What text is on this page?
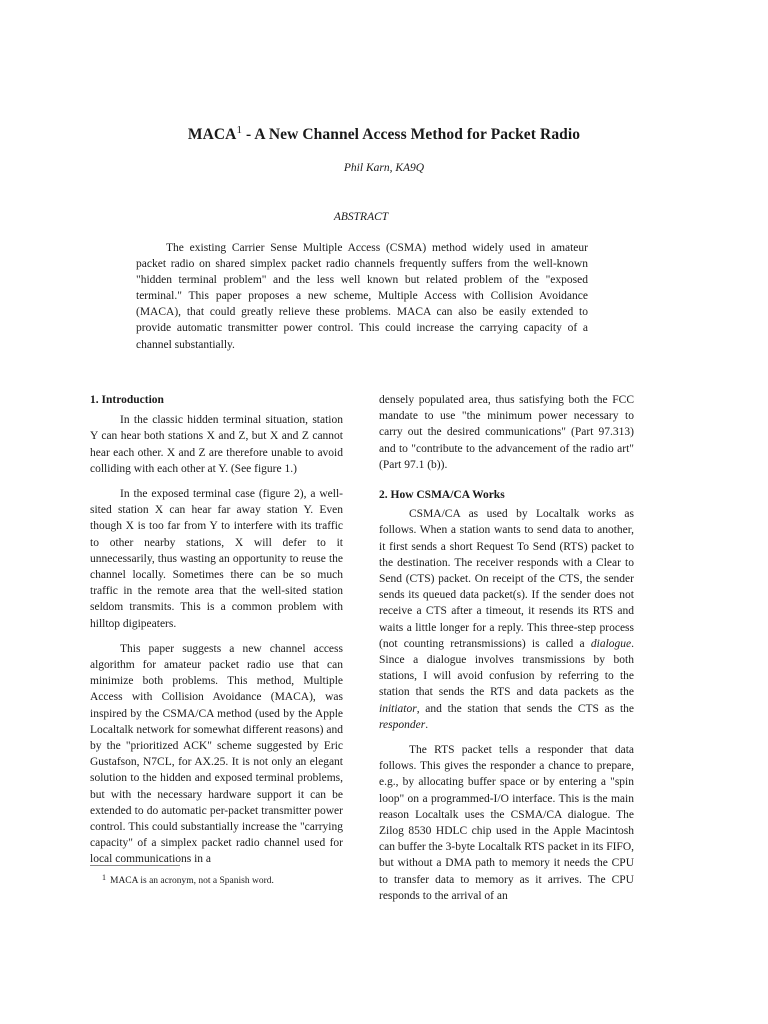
MACA$^1$ - A New Channel Access Method for Packet Radio
Phil Karn, KA9Q
ABSTRACT

The existing Carrier Sense Multiple Access (CSMA) method widely used in amateur packet radio on shared simplex packet radio channels frequently suffers from the well-known "hidden terminal problem" and the less well known but related problem of the "exposed terminal." This paper proposes a new scheme, Multiple Access with Collision Avoidance (MACA), that could greatly relieve these problems. MACA can also be easily extended to provide automatic transmitter power control. This could increase the carrying capacity of a channel substantially.

1. Introduction

In the classic hidden terminal situation, station Y can hear both stations X and Z, but X and Z cannot hear each other. X and Z are therefore unable to avoid colliding with each other at Y. (See figure 1.)

In the exposed terminal case (figure 2), a well-sited station X can hear far away station Y. Even though X is too far from Y to interfere with its traffic to other nearby stations, X will defer to it unnecessarily, thus wasting an opportunity to reuse the channel locally. Sometimes there can be so much traffic in the remote area that the well-sited station seldom transmits. This is a common problem with hilltop digipeaters.

This paper suggests a new channel access algorithm for amateur packet radio use that can minimize both problems. This method, Multiple Access with Collision Avoidance (MACA), was inspired by the CSMA/CA method (used by the Apple Localtalk network for somewhat different reasons) and by the "prioritized ACK" scheme suggested by Eric Gustafson, N7CL, for AX.25. It is not only an elegant solution to the hidden and exposed terminal problems, but with the necessary hardware support it can be extended to do automatic per-packet transmitter power control. This could substantially increase the "carrying capacity" of a simplex packet radio channel used for local communications in a

densely populated area, thus satisfying both the FCC mandate to use "the minimum power necessary to carry out the desired communications" (Part 97.313) and to "contribute to the advancement of the radio art" (Part 97.1 (b)).

2. How CSMA/CA Works

CSMA/CA as used by Localtalk works as follows. When a station wants to send data to another, it first sends a short Request To Send (RTS) packet to the destination. The receiver responds with a Clear to Send (CTS) packet. On receipt of the CTS, the sender sends its queued data packet(s). If the sender does not receive a CTS after a timeout, it resends its RTS and waits a little longer for a reply. This three-step process (not counting retransmissions) is called a dialogue. Since a dialogue involves transmissions by both stations, I will avoid confusion by referring to the station that sends the RTS and data packets as the initiator, and the station that sends the CTS as the responder.

The RTS packet tells a responder that data follows. This gives the responder a chance to prepare, e.g., by allocating buffer space or by entering a "spin loop" on a programmed-I/O interface. This is the main reason Localtalk uses the CSMA/CA dialogue. The Zilog 8530 HDLC chip used in the Apple Macintosh can buffer the 3-byte Localtalk RTS packet in its FIFO, but without a DMA path to memory it needs the CPU to transfer data to memory as it arrives. The CPU responds to the arrival of an

$^1$ MACA is an acronym, not a Spanish word.
